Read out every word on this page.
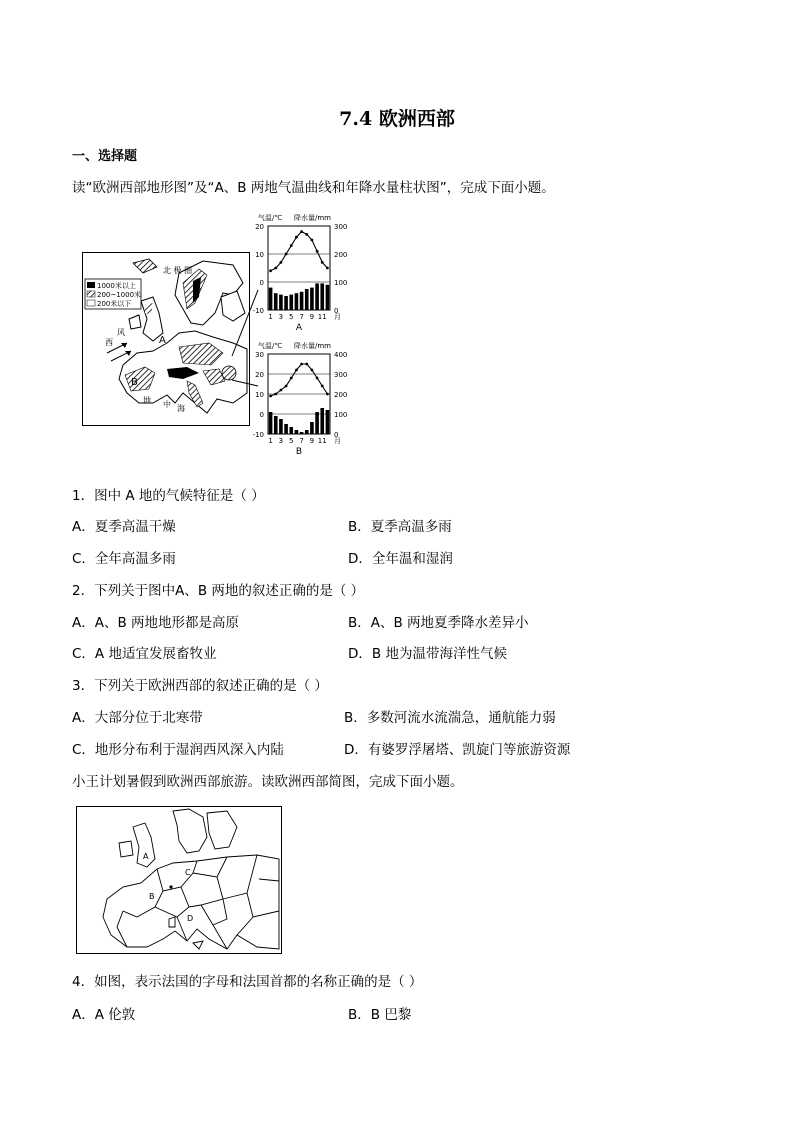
7.4 欧洲西部
一、选择题
读“欧洲西部地形图”及“A、B 两地气温曲线和年降水量柱状图”，完成下面小题。
1000米以上
200~1000米
200米以下
北 极 圈
西
风
A
B
地 中 海
气温/℃ 降水量/mm
20
10
0
-10
300
200
100
0
1 3 5 7 9 11 月
A
气温/℃ 降水量/mm
30
20
10
0
-10
400
300
200
100
0
1 3 5 7 9 11 月
B
1．图中 A 地的气候特征是（ ）
A．夏季高温干燥	B．夏季高温多雨
C．全年高温多雨	D．全年温和湿润
2．下列关于图中A、B 两地的叙述正确的是（ ）
A．A、B 两地地形都是高原	B．A、B 两地夏季降水差异小
C．A 地适宜发展畜牧业	D．B 地为温带海洋性气候
3．下列关于欧洲西部的叙述正确的是（ ）
A．大部分位于北寒带	B．多数河流水流湍急，通航能力弱
C．地形分布利于湿润西风深入内陆	D．有婆罗浮屠塔、凯旋门等旅游资源
小王计划暑假到欧洲西部旅游。读欧洲西部简图，完成下面小题。
A
B
C
D
4．如图，表示法国的字母和法国首都的名称正确的是（ ）
A．A 伦敦	B．B 巴黎
